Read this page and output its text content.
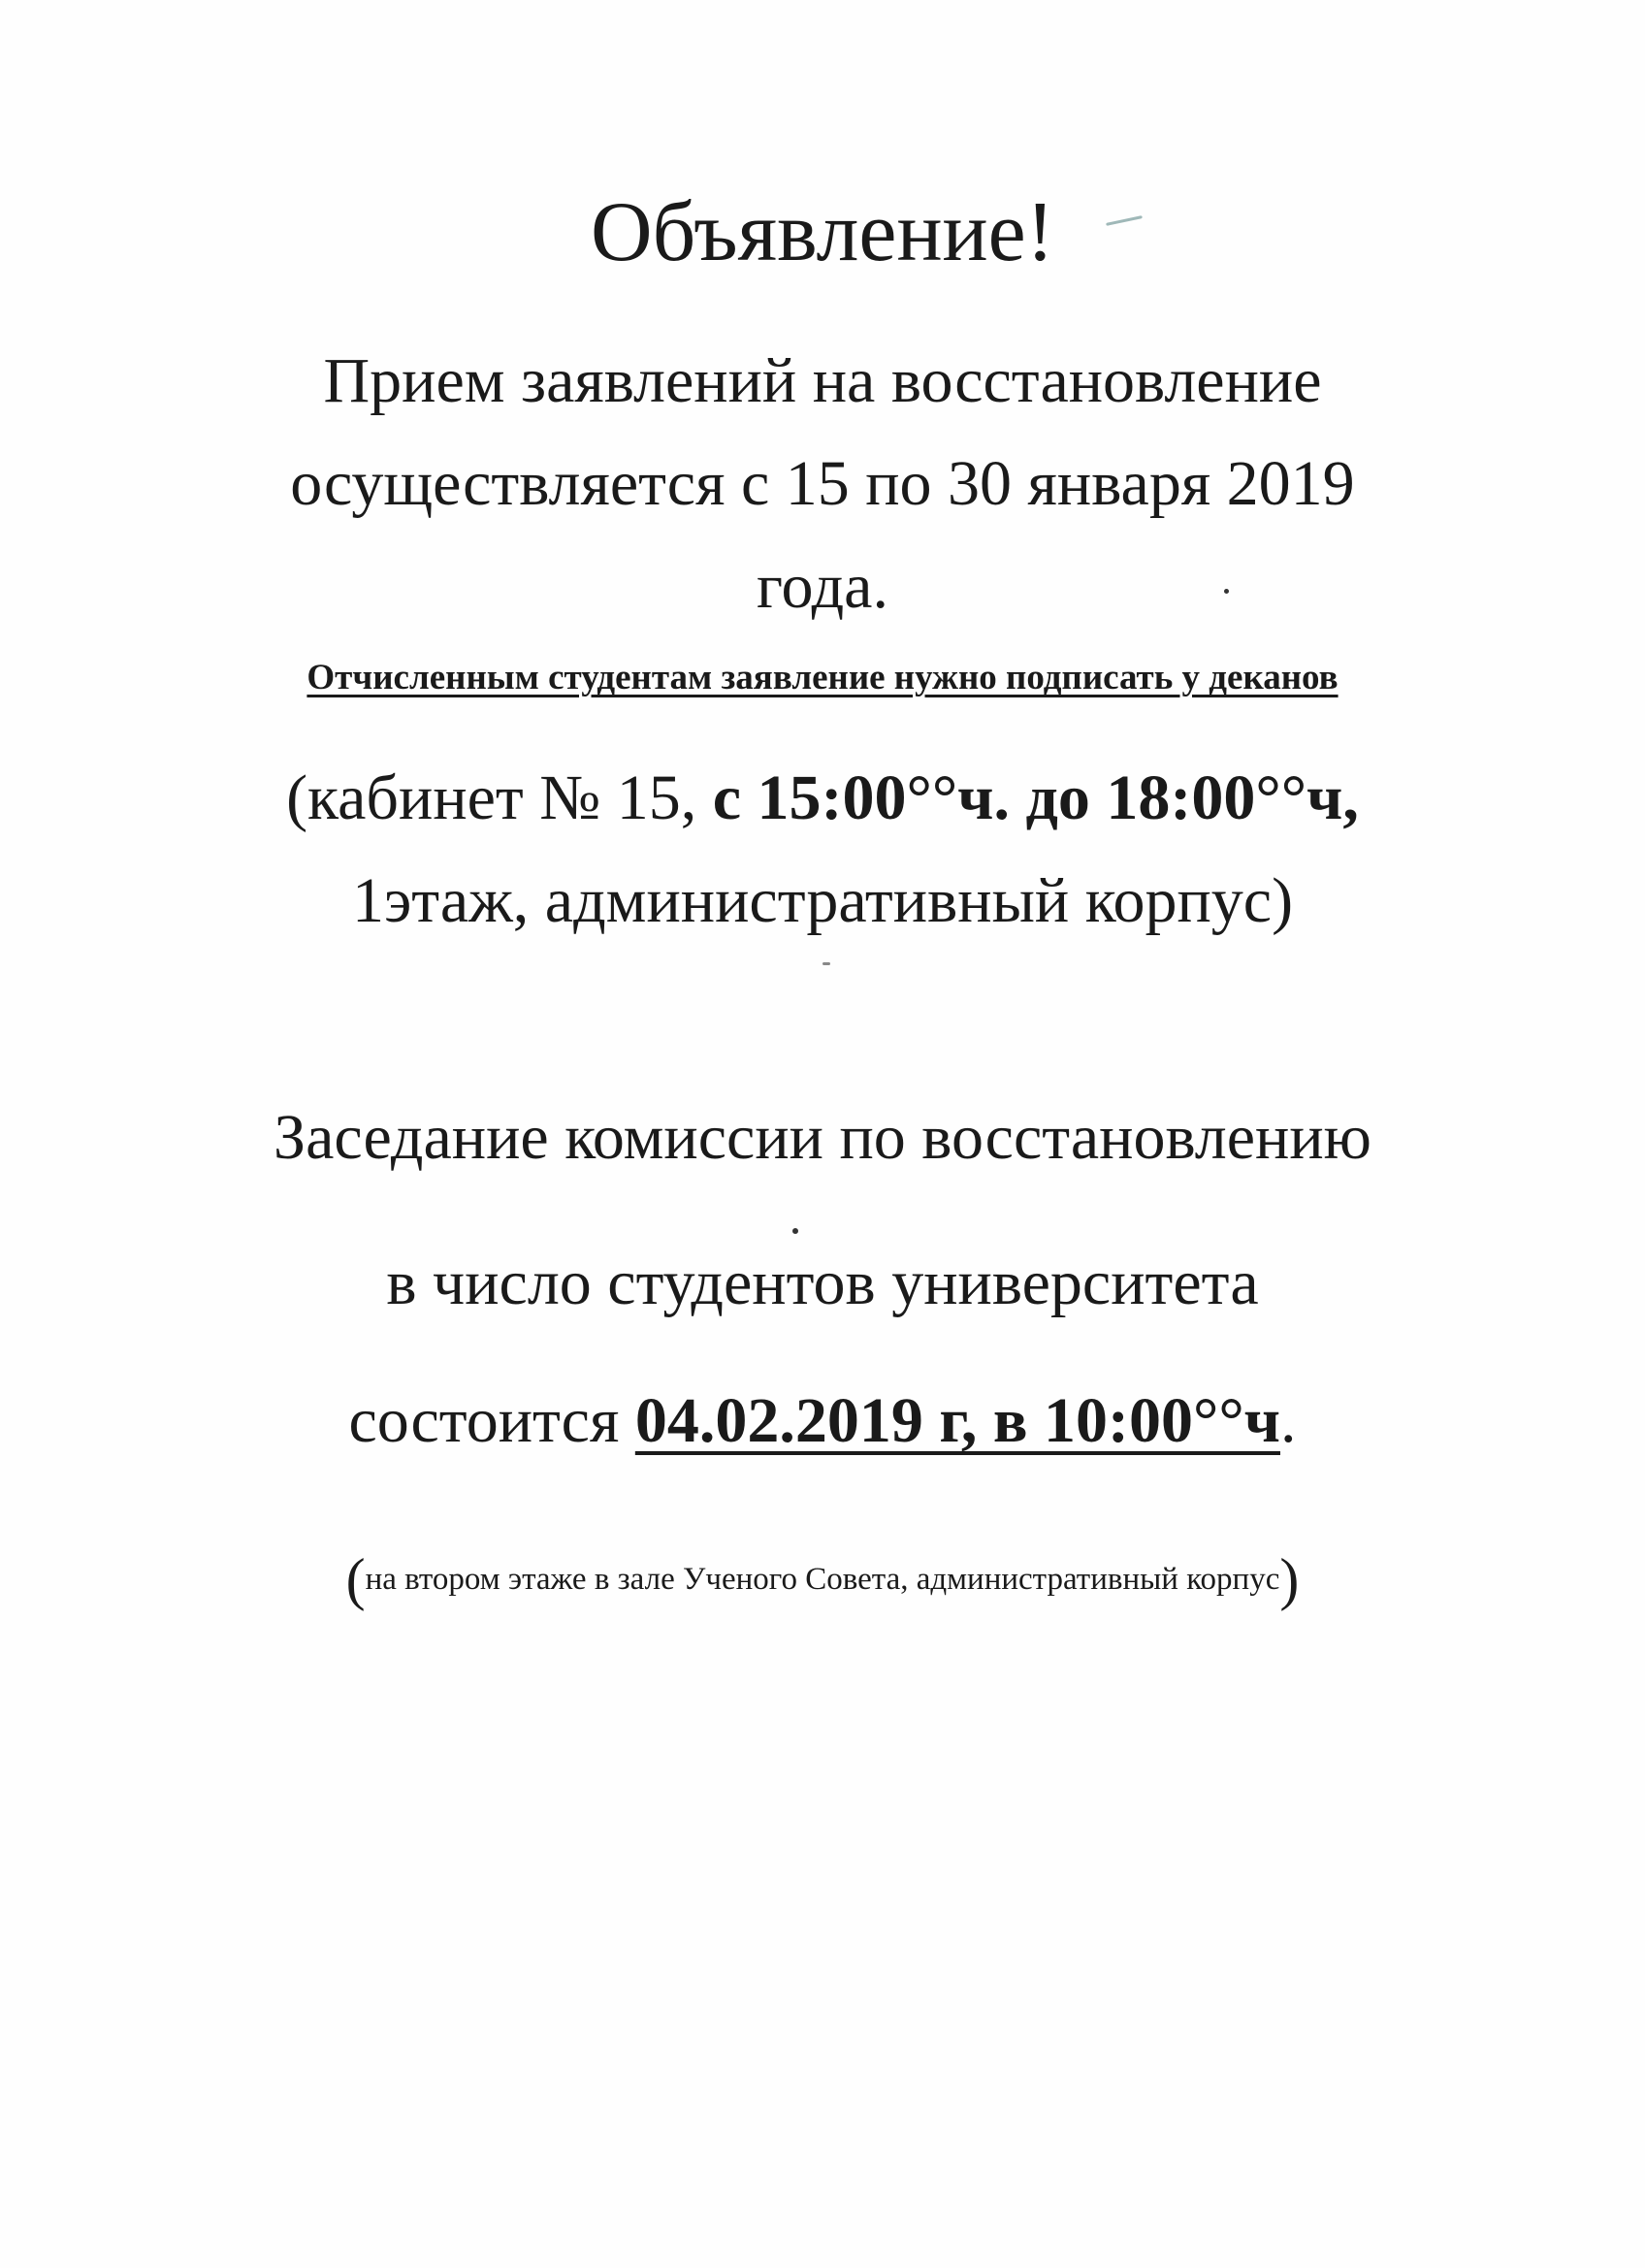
Объявление!
Прием заявлений на восстановление
осуществляется с 15 по 30 января 2019
года.
Отчисленным студентам заявление нужно подписать у деканов
(кабинет № 15, с 15:00°°ч. до 18:00°°ч,
1этаж, административный корпус)
Заседание комиссии по восстановлению
в число студентов университета
состоится 04.02.2019 г, в 10:00°°ч.
(на втором этаже в зале Ученого Совета, административный корпус)
